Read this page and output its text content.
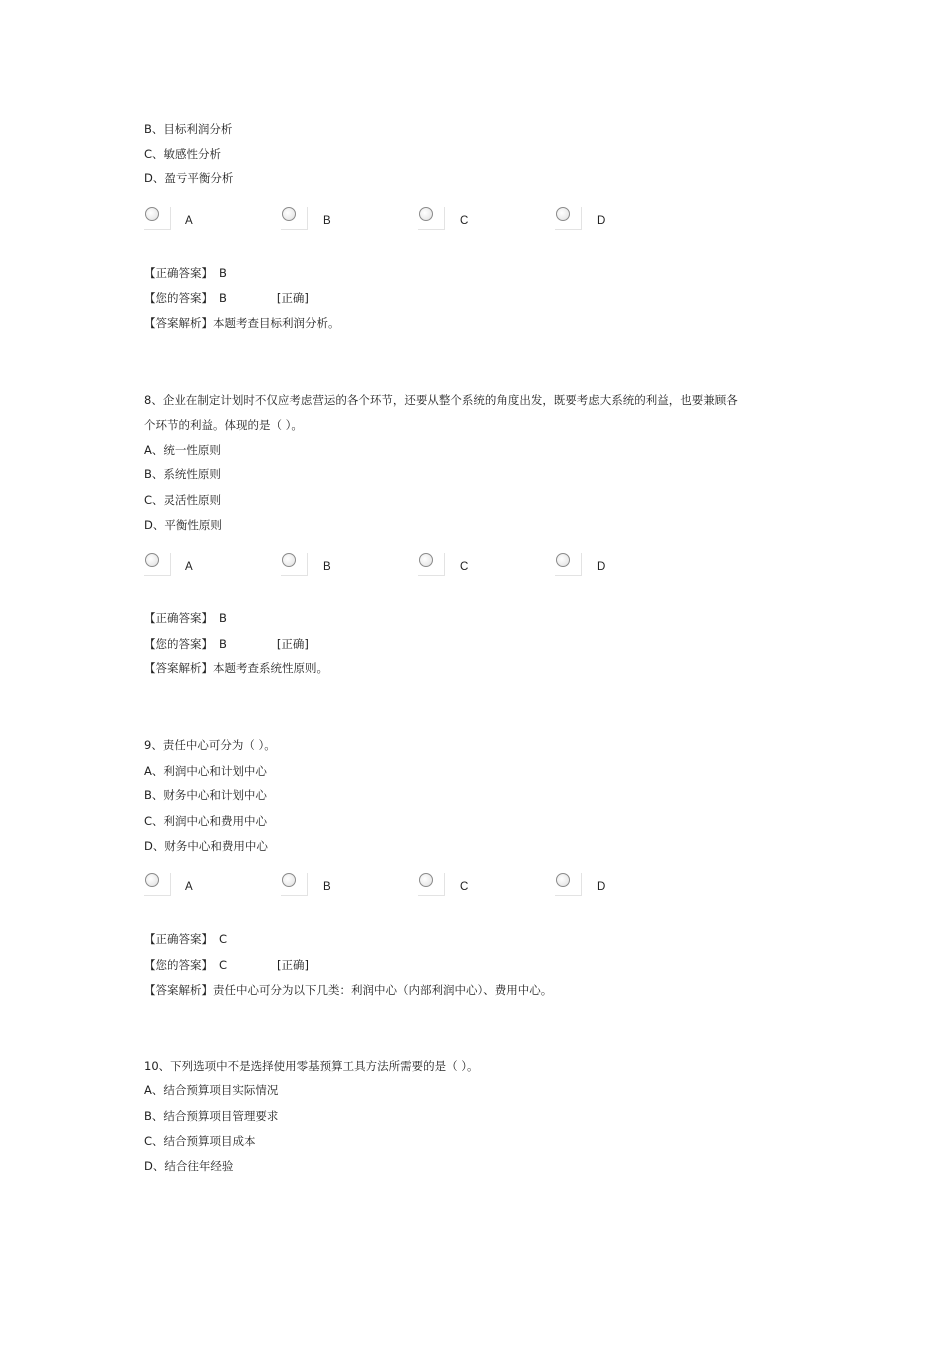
B、目标利润分析
C、敏感性分析
D、盈亏平衡分析
A	B	C	D
【正确答案】 B
【您的答案】 B	[正确]
【答案解析】本题考查目标利润分析。
8、企业在制定计划时不仅应考虑营运的各个环节，还要从整个系统的角度出发，既要考虑大系统的利益，也要兼顾各
个环节的利益。体现的是（ ）。
A、统一性原则
B、系统性原则
C、灵活性原则
D、平衡性原则
A	B	C	D
【正确答案】 B
【您的答案】 B	[正确]
【答案解析】本题考查系统性原则。
9、责任中心可分为（ ）。
A、利润中心和计划中心
B、财务中心和计划中心
C、利润中心和费用中心
D、财务中心和费用中心
A	B	C	D
【正确答案】 C
【您的答案】 C	[正确]
【答案解析】责任中心可分为以下几类：利润中心（内部利润中心）、费用中心。
10、下列选项中不是选择使用零基预算工具方法所需要的是（ ）。
A、结合预算项目实际情况
B、结合预算项目管理要求
C、结合预算项目成本
D、结合往年经验
